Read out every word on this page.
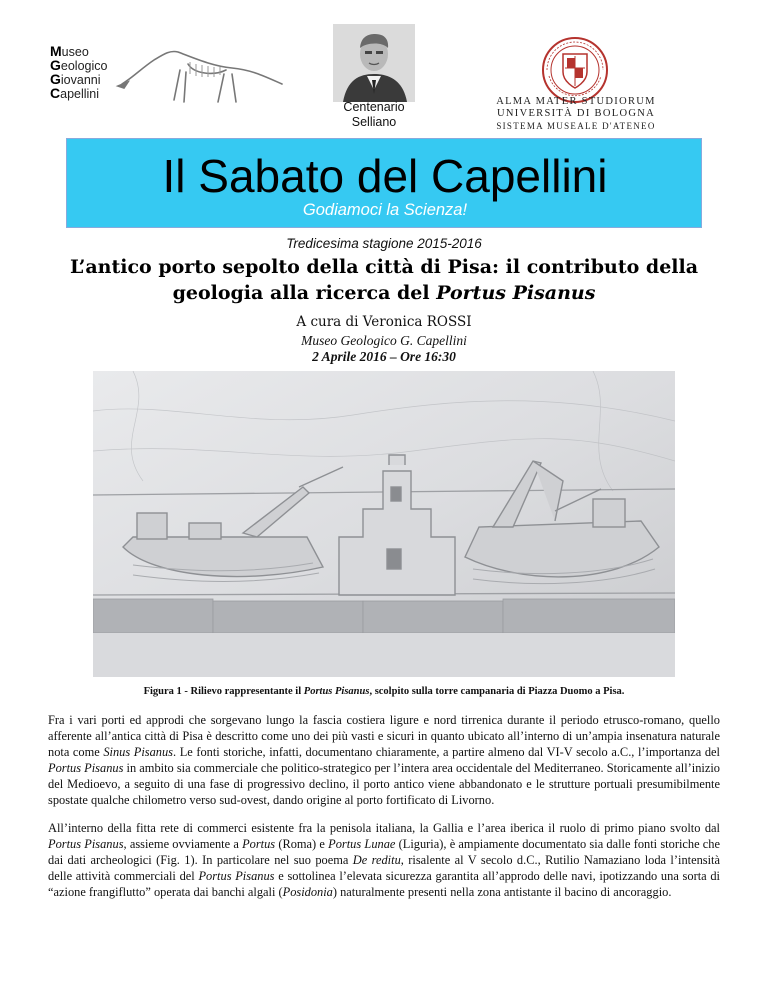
Museo
Geologico
Giovanni
Capellini
Centenario
Selliano
ALMA MATER STUDIORUM
UNIVERSITÀ DI BOLOGNA
SISTEMA MUSEALE D'ATENEO
Il Sabato del Capellini
Godiamoci la Scienza!
Tredicesima stagione 2015-2016
L’antico porto sepolto della città di Pisa: il contributo della
geologia alla ricerca del Portus Pisanus
A cura di Veronica ROSSI
Museo Geologico G. Capellini
2 Aprile 2016 – Ore 16:30
Figura 1 - Rilievo rappresentante il Portus Pisanus, scolpito sulla torre campanaria di Piazza Duomo a Pisa.
Fra i vari porti ed approdi che sorgevano lungo la fascia costiera ligure e nord tirrenica durante il periodo etrusco-romano, quello afferente all’antica città di Pisa è descritto come uno dei più vasti e sicuri in quanto ubicato all’interno di un’ampia insenatura naturale nota come Sinus Pisanus. Le fonti storiche, infatti, documentano chiaramente, a partire almeno dal VI-V secolo a.C., l’importanza del Portus Pisanus in ambito sia commerciale che politico-strategico per l’intera area occidentale del Mediterraneo. Storicamente all’inizio del Medioevo, a seguito di una fase di progressivo declino, il porto antico viene abbandonato e le strutture portuali presumibilmente spostate qualche chilometro verso sud-ovest, dando origine al porto fortificato di Livorno.
All’interno della fitta rete di commerci esistente fra la penisola italiana, la Gallia e l’area iberica il ruolo di primo piano svolto dal Portus Pisanus, assieme ovviamente a Portus (Roma) e Portus Lunae (Liguria), è ampiamente documentato sia dalle fonti storiche che dai dati archeologici (Fig. 1). In particolare nel suo poema De reditu, risalente al V secolo d.C., Rutilio Namaziano loda l’intensità delle attività commerciali del Portus Pisanus e sottolinea l’elevata sicurezza garantita all’approdo delle navi, ipotizzando una sorta di “azione frangiflutto” operata dai banchi algali (Posidonia) naturalmente presenti nella zona antistante il bacino di ancoraggio.
